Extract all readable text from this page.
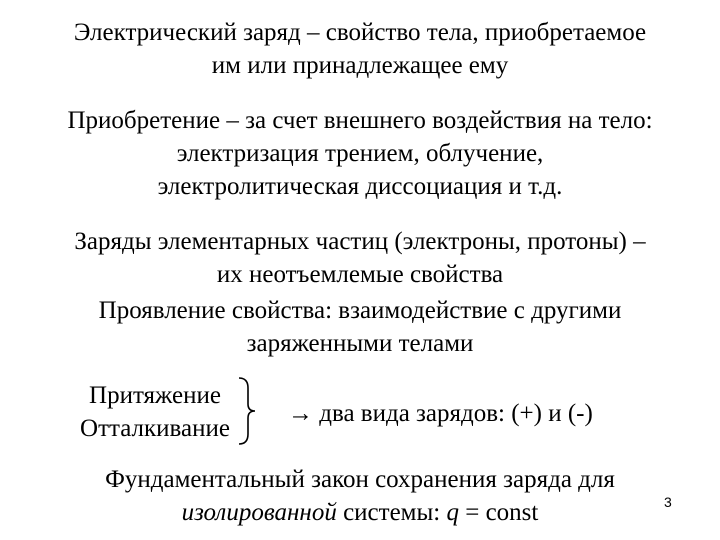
Электрический заряд – свойство тела, приобретаемое
им или принадлежащее ему
Приобретение – за счет внешнего воздействия на тело:
электризация трением, облучение,
электролитическая диссоциация и т.д.
Заряды элементарных частиц (электроны, протоны) –
их неотъемлемые свойства
Проявление свойства: взаимодействие с другими
заряженными телами
Притяжение
Отталкивание
→ два вида зарядов: (+) и (-)
Фундаментальный закон сохранения заряда для
изолированной системы: q = const	3
